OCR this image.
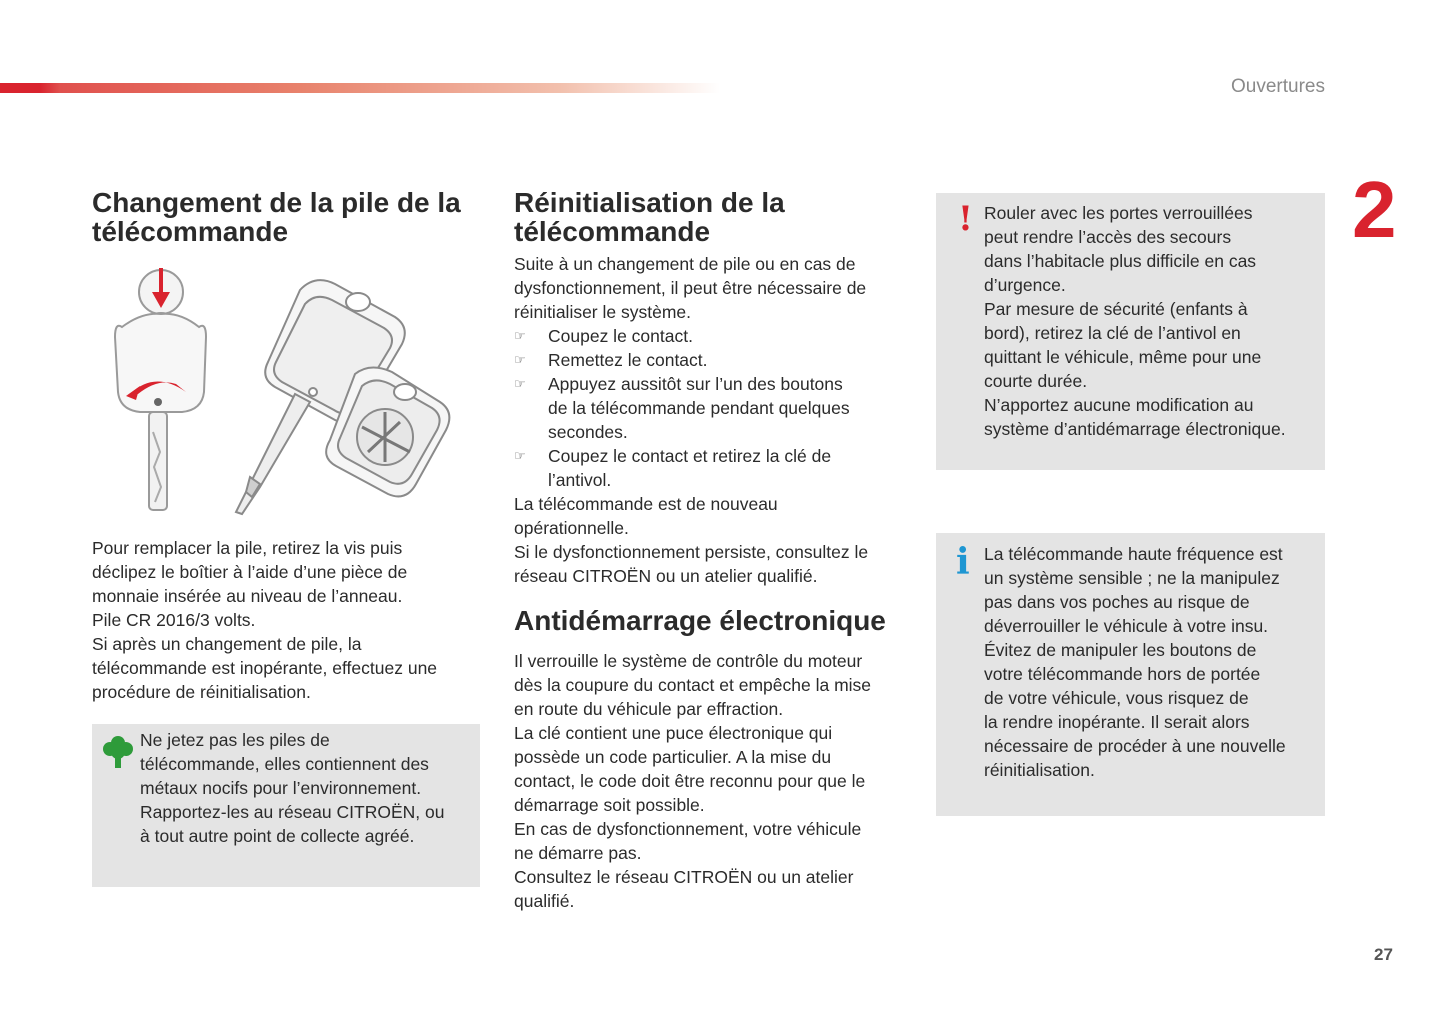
Ouvertures
2
27
Changement de la pile de la télécommande

Pour remplacer la pile, retirez la vis puis

déclipez le boîtier à l’aide d’une pièce de

monnaie insérée au niveau de l’anneau.

Pile CR 2016/3 volts.

Si après un changement de pile, la

télécommande est inopérante, effectuez une

procédure de réinitialisation.

Ne jetez pas les piles de

télécommande, elles contiennent des

métaux nocifs pour l’environnement.

Rapportez-les au réseau CITROËN, ou

à tout autre point de collecte agréé.

Réinitialisation de la télécommande

Suite à un changement de pile ou en cas de

dysfonctionnement, il peut être nécessaire de

réinitialiser le système.

☞ Coupez le contact.
☞ Remettez le contact.
☞ Appuyez aussitôt sur l’un des boutons
de la télécommande pendant quelques
secondes.
☞ Coupez le contact et retirez la clé de
l’antivol.

La télécommande est de nouveau

opérationnelle.

Si le dysfonctionnement persiste, consultez le

réseau CITROËN ou un atelier qualifié.

Antidémarrage électronique

Il verrouille le système de contrôle du moteur

dès la coupure du contact et empêche la mise

en route du véhicule par effraction.

La clé contient une puce électronique qui

possède un code particulier. A la mise du

contact, le code doit être reconnu pour que le

démarrage soit possible.

En cas de dysfonctionnement, votre véhicule

ne démarre pas.

Consultez le réseau CITROËN ou un atelier

qualifié.

! Rouler avec les portes verrouillées

peut rendre l’accès des secours

dans l’habitacle plus difficile en cas

d’urgence.

Par mesure de sécurité (enfants à

bord), retirez la clé de l’antivol en

quittant le véhicule, même pour une

courte durée.

N’apportez aucune modification au

système d’antidémarrage électronique.

i La télécommande haute fréquence est

un système sensible ; ne la manipulez

pas dans vos poches au risque de

déverrouiller le véhicule à votre insu.

Évitez de manipuler les boutons de

votre télécommande hors de portée

de votre véhicule, vous risquez de

la rendre inopérante. Il serait alors

nécessaire de procéder à une nouvelle

réinitialisation.
